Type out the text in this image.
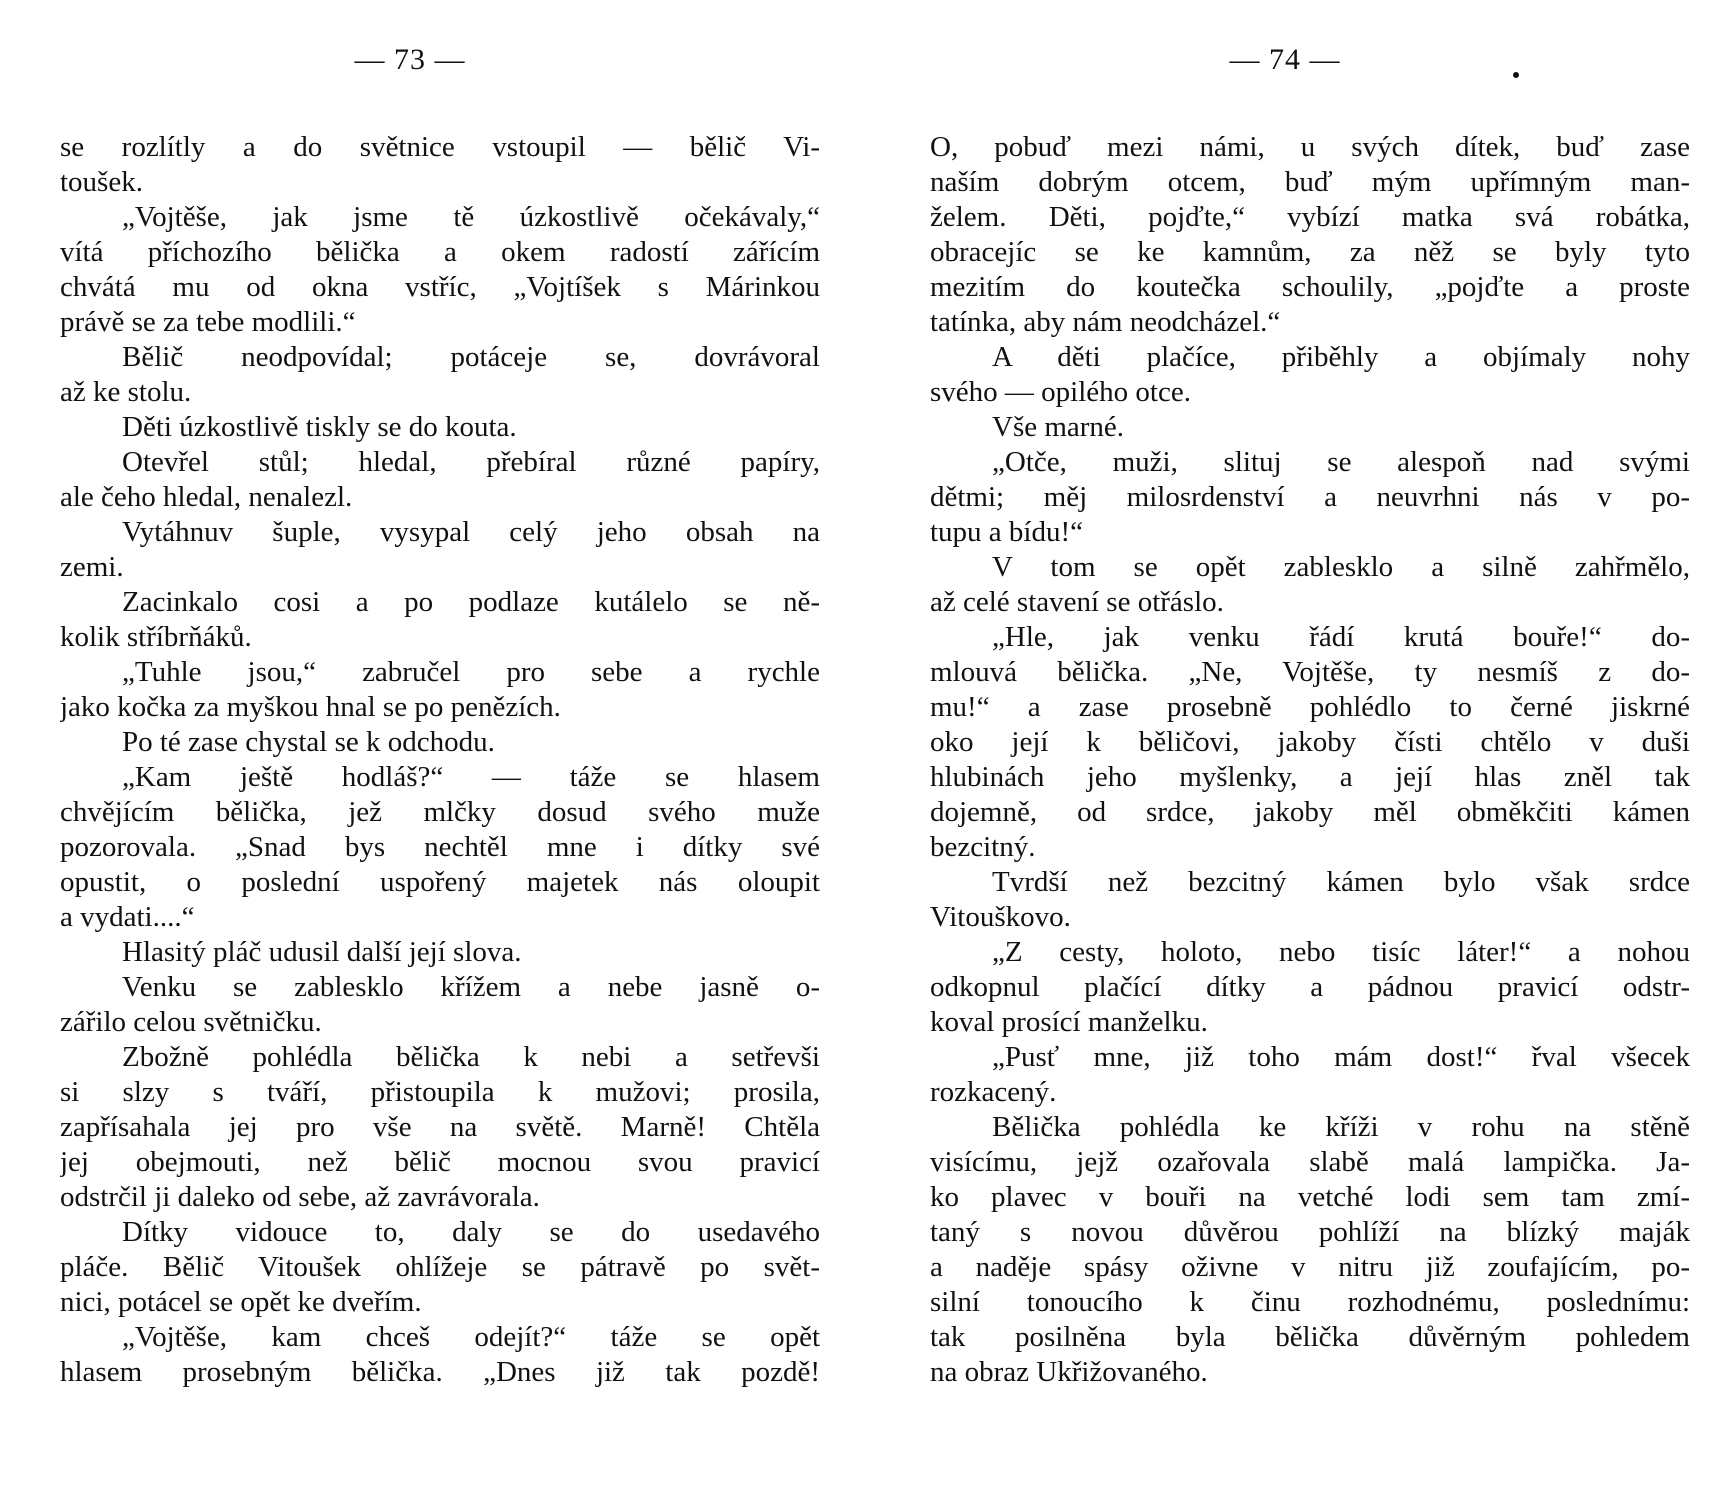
— 73 —
se rozlítly a do světnice vstoupil — bělič Vi-
toušek.
„Vojtěše, jak jsme tě úzkostlivě očekávaly,“
vítá příchozího bělička a okem radostí zářícím
chvátá mu od okna vstříc, „Vojtíšek s Márinkou
právě se za tebe modlili.“
Bělič neodpovídal; potáceje se, dovrávoral
až ke stolu.
Děti úzkostlivě tiskly se do kouta.
Otevřel stůl; hledal, přebíral různé papíry,
ale čeho hledal, nenalezl.
Vytáhnuv šuple, vysypal celý jeho obsah na
zemi.
Zacinkalo cosi a po podlaze kutálelo se ně-
kolik stříbrňáků.
„Tuhle jsou,“ zabručel pro sebe a rychle
jako kočka za myškou hnal se po penězích.
Po té zase chystal se k odchodu.
„Kam ještě hodláš?“ — táže se hlasem
chvějícím bělička, jež mlčky dosud svého muže
pozorovala. „Snad bys nechtěl mne i dítky své
opustit, o poslední uspořený majetek nás oloupit
a vydati....“
Hlasitý pláč udusil další její slova.
Venku se zablesklo křížem a nebe jasně o-
zářilo celou světničku.
Zbožně pohlédla bělička k nebi a setřevši
si slzy s tváří, přistoupila k mužovi; prosila,
zapřísahala jej pro vše na světě. Marně! Chtěla
jej obejmouti, než bělič mocnou svou pravicí
odstrčil ji daleko od sebe, až zavrávorala.
Dítky vidouce to, daly se do usedavého
pláče. Bělič Vitoušek ohlížeje se pátravě po svět-
nici, potácel se opět ke dveřím.
„Vojtěše, kam chceš odejít?“ táže se opět
hlasem prosebným bělička. „Dnes již tak pozdě!
— 74 —
O, pobuď mezi námi, u svých dítek, buď zase
naším dobrým otcem, buď mým upřímným man-
želem. Děti, pojďte,“ vybízí matka svá robátka,
obracejíc se ke kamnům, za něž se byly tyto
mezitím do koutečka schoulily, „pojďte a proste
tatínka, aby nám neodcházel.“
A děti plačíce, přiběhly a objímaly nohy
svého — opilého otce.
Vše marné.
„Otče, muži, slituj se alespoň nad svými
dětmi; měj milosrdenství a neuvrhni nás v po-
tupu a bídu!“
V tom se opět zablesklo a silně zahřmělo,
až celé stavení se otřáslo.
„Hle, jak venku řádí krutá bouře!“ do-
mlouvá bělička. „Ne, Vojtěše, ty nesmíš z do-
mu!“ a zase prosebně pohlédlo to černé jiskrné
oko její k běličovi, jakoby čísti chtělo v duši
hlubinách jeho myšlenky, a její hlas zněl tak
dojemně, od srdce, jakoby měl obměkčiti kámen
bezcitný.
Tvrdší než bezcitný kámen bylo však srdce
Vitouškovo.
„Z cesty, holoto, nebo tisíc láter!“ a nohou
odkopnul plačící dítky a pádnou pravicí odstr-
koval prosící manželku.
„Pusť mne, již toho mám dost!“ řval všecek
rozkacený.
Bělička pohlédla ke kříži v rohu na stěně
visícímu, jejž ozařovala slabě malá lampička. Ja-
ko plavec v bouři na vetché lodi sem tam zmí-
taný s novou důvěrou pohlíží na blízký maják
a naděje spásy oživne v nitru již zoufajícím, po-
silní tonoucího k činu rozhodnému, poslednímu:
tak posilněna byla bělička důvěrným pohledem
na obraz Ukřižovaného.
